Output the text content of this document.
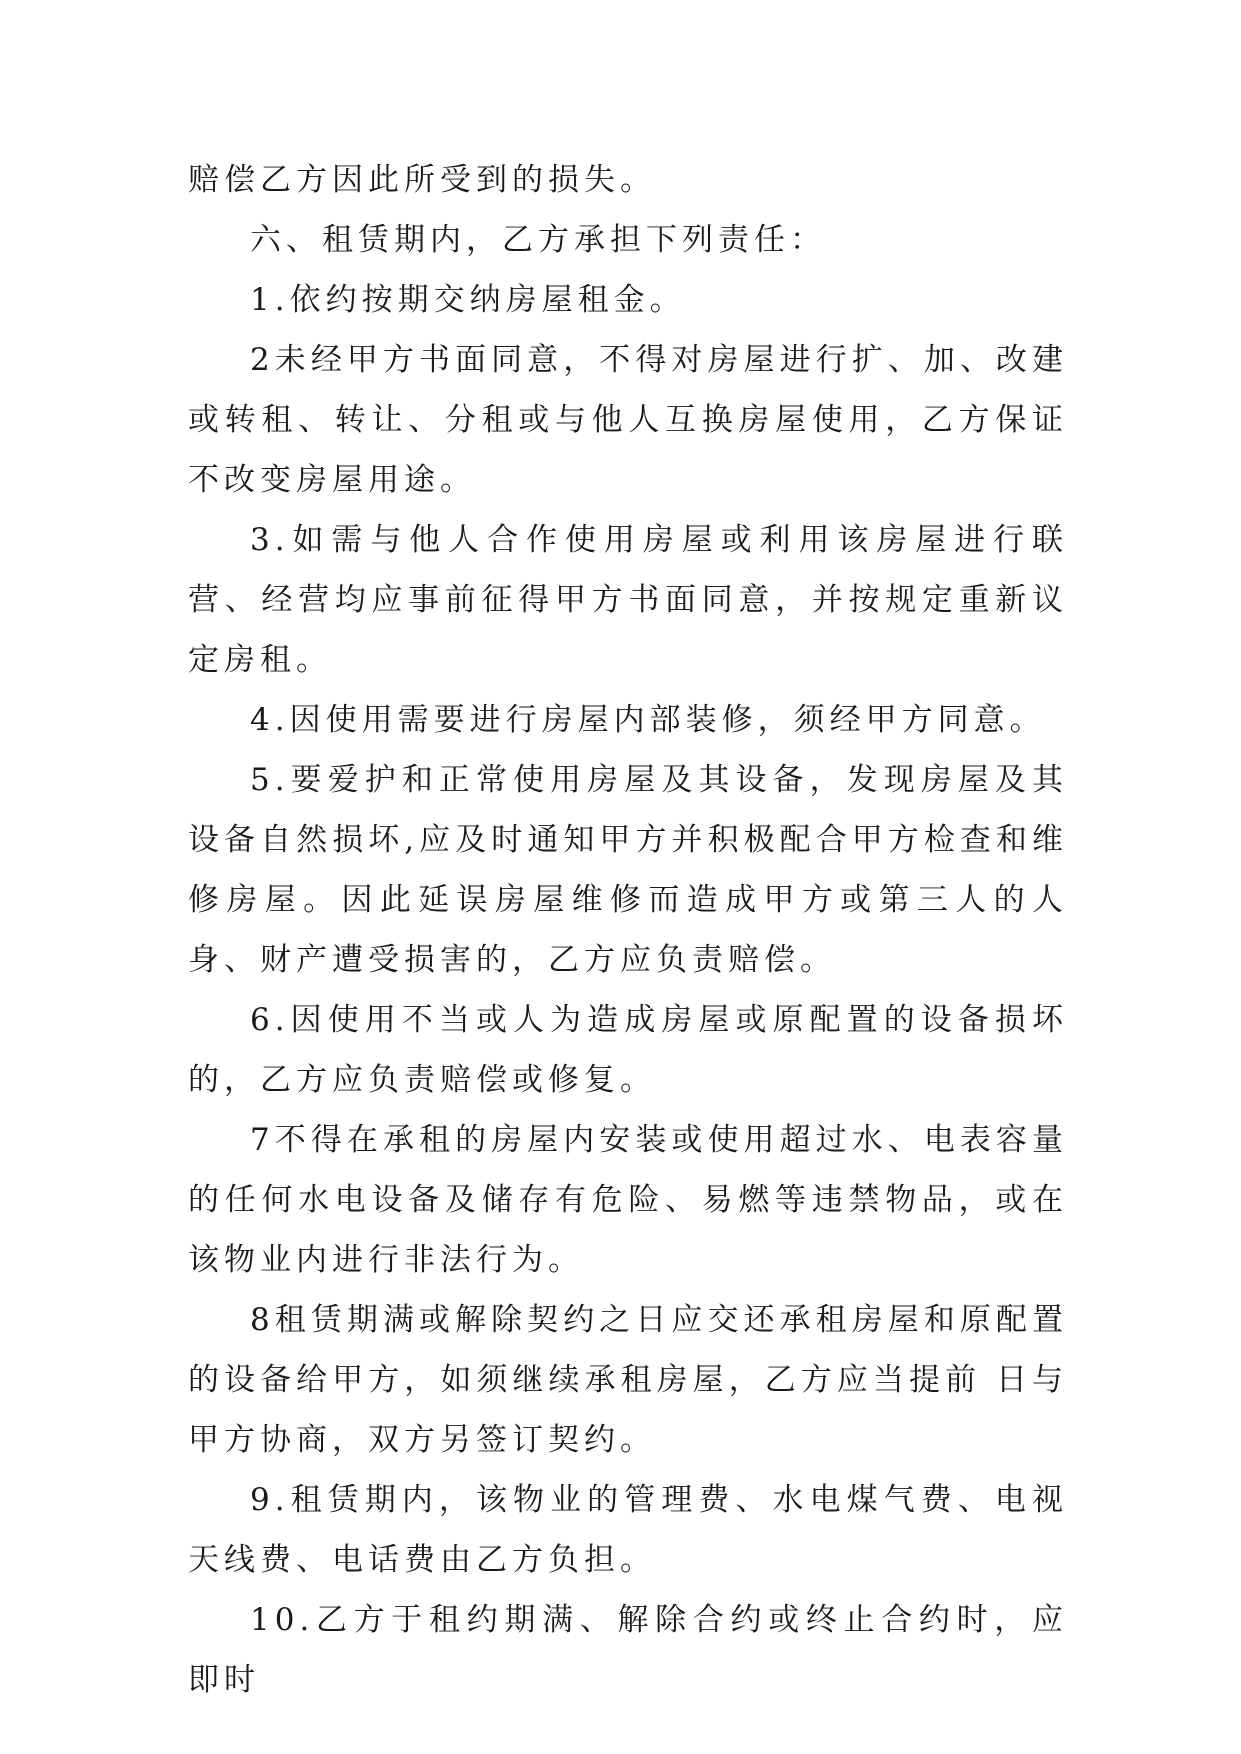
赔偿乙方因此所受到的损失。

六、租赁期内，乙方承担下列责任：

1.依约按期交纳房屋租金。

2未经甲方书面同意，不得对房屋进行扩、加、改建或转租、转让、分租或与他人互换房屋使用，乙方保证不改变房屋用途。

3.如需与他人合作使用房屋或利用该房屋进行联营、经营均应事前征得甲方书面同意，并按规定重新议定房租。

4.因使用需要进行房屋内部装修，须经甲方同意。

5.要爱护和正常使用房屋及其设备，发现房屋及其设备自然损坏,应及时通知甲方并积极配合甲方检查和维修房屋。因此延误房屋维修而造成甲方或第三人的人身、财产遭受损害的，乙方应负责赔偿。

6.因使用不当或人为造成房屋或原配置的设备损坏的，乙方应负责赔偿或修复。

7不得在承租的房屋内安装或使用超过水、电表容量的任何水电设备及储存有危险、易燃等违禁物品，或在该物业内进行非法行为。

8租赁期满或解除契约之日应交还承租房屋和原配置的设备给甲方，如须继续承租房屋，乙方应当提前 日与甲方协商，双方另签订契约。

9.租赁期内，该物业的管理费、水电煤气费、电视天线费、电话费由乙方负担。

10.乙方于租约期满、解除合约或终止合约时，应即时
